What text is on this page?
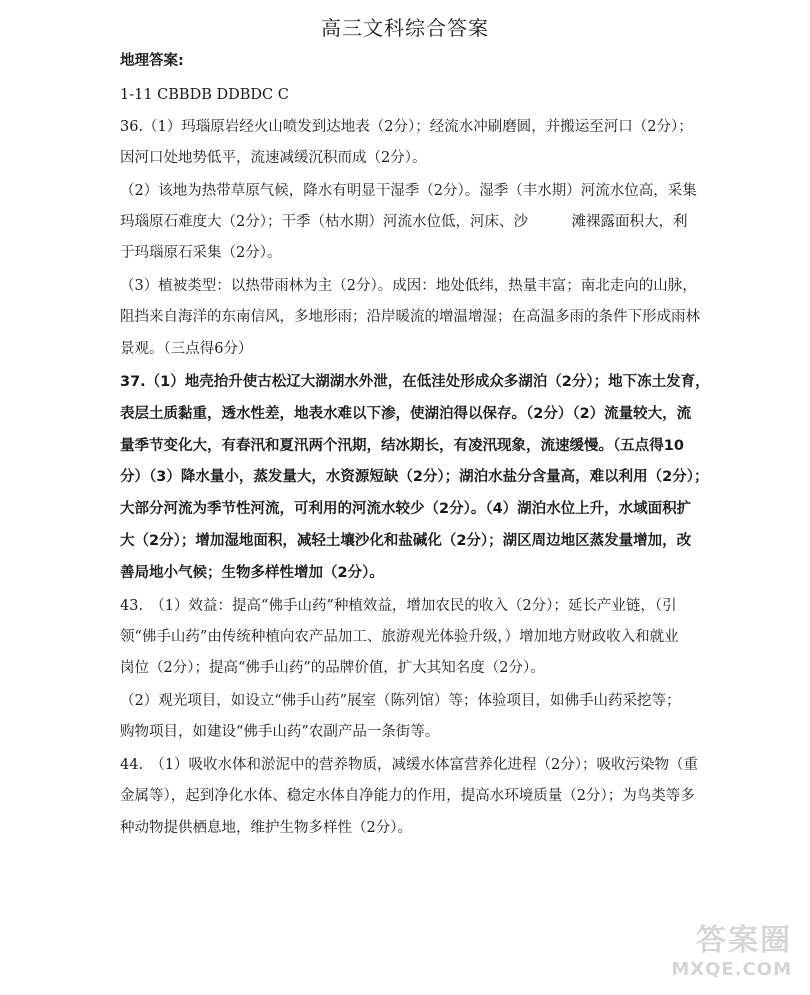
高三文科综合答案
地理答案:
1-11 CBBDB DDBDC C
36.（1）玛瑙原岩经火山喷发到达地表（2分）；经流水冲刷磨圆，并搬运至河口（2分）；
因河口处地势低平，流速减缓沉积而成（2分）。
（2）该地为热带草原气候，降水有明显干湿季（2分）。湿季（丰水期）河流水位高，采集
玛瑙原石难度大（2分）；干季（枯水期）河流水位低，河床、沙　　　滩裸露面积大，利
于玛瑙原石采集（2分）。
（3）植被类型：以热带雨林为主（2分）。成因：地处低纬，热量丰富；南北走向的山脉，
阻挡来自海洋的东南信风，多地形雨；沿岸暖流的增温增湿；在高温多雨的条件下形成雨林
景观。（三点得6分）
37.（1）地壳抬升使古松辽大湖湖水外泄，在低洼处形成众多湖泊（2分）；地下冻土发育，
表层土质黏重，透水性差，地表水难以下渗，使湖泊得以保存。（2分）（2）流量较大，流
量季节变化大，有春汛和夏汛两个汛期，结冰期长，有凌汛现象，流速缓慢。（五点得10
分）（3）降水量小，蒸发量大，水资源短缺（2分）；湖泊水盐分含量高，难以利用（2分）；
大部分河流为季节性河流，可利用的河流水较少（2分）。（4）湖泊水位上升，水域面积扩
大（2分）；增加湿地面积，减轻土壤沙化和盐碱化（2分）；湖区周边地区蒸发量增加，改
善局地小气候；生物多样性增加（2分）。
43.　（1）效益：提高“佛手山药”种植效益，增加农民的收入（2分）；延长产业链，（引
领“佛手山药”由传统种植向农产品加工、旅游观光体验升级，）增加地方财政收入和就业
岗位（2分）；提高“佛手山药”的品牌价值，扩大其知名度（2分）。
（2）观光项目，如设立“佛手山药”展室（陈列馆）等；体验项目，如佛手山药采挖等；
购物项目，如建设“佛手山药”农副产品一条街等。
44.　（1）吸收水体和淤泥中的营养物质，减缓水体富营养化进程（2分）；吸收污染物（重
金属等），起到净化水体、稳定水体自净能力的作用，提高水环境质量（2分）；为鸟类等多
种动物提供栖息地，维护生物多样性（2分）。
答案圈
MXQE.COM
